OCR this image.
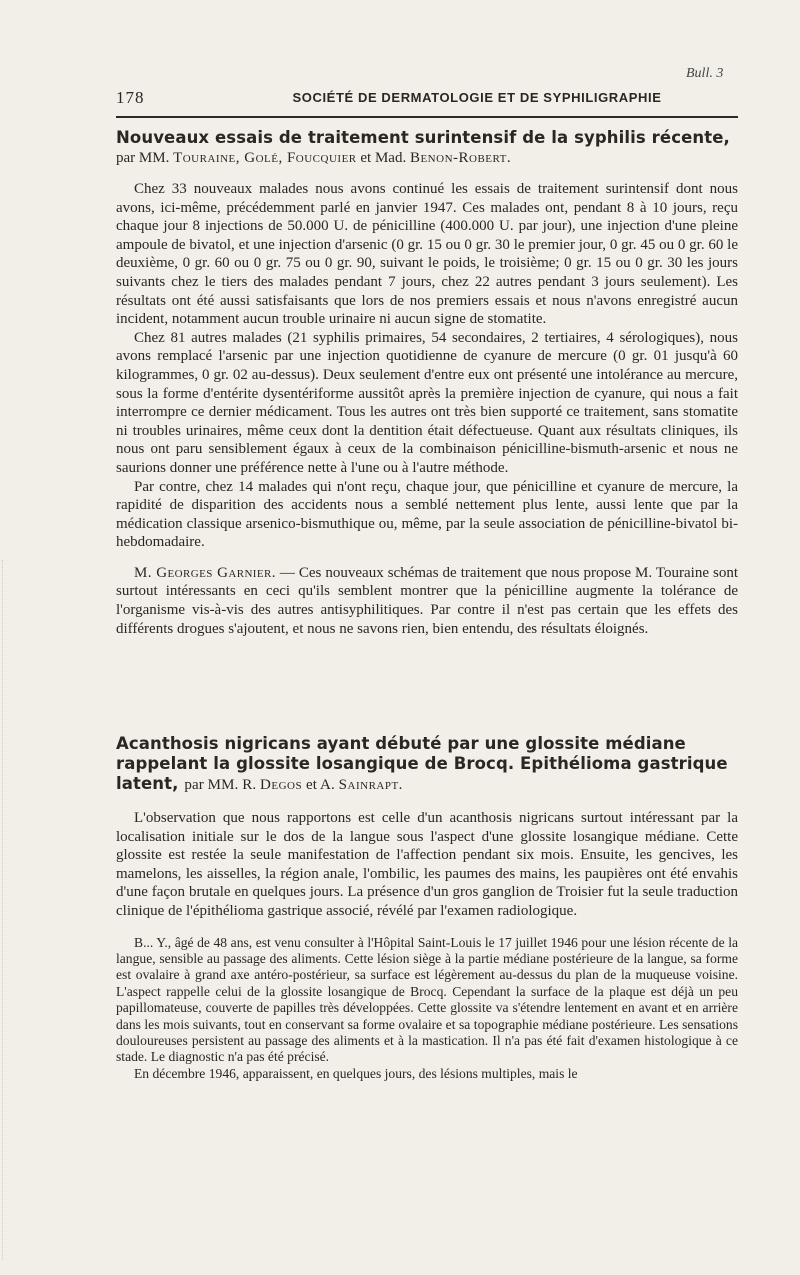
Bull. 3
178	SOCIÉTÉ DE DERMATOLOGIE ET DE SYPHILIGRAPHIE
Nouveaux essais de traitement surintensif de la syphilis récente,

par MM. Touraine, Golé, Foucquier et Mad. Benon-Robert.

Chez 33 nouveaux malades nous avons continué les essais de traitement surintensif dont nous avons, ici-même, précédemment parlé en janvier 1947. Ces malades ont, pendant 8 à 10 jours, reçu chaque jour 8 injections de 50.000 U. de pénicilline (400.000 U. par jour), une injection d'une pleine ampoule de bivatol, et une injection d'arsenic (0 gr. 15 ou 0 gr. 30 le premier jour, 0 gr. 45 ou 0 gr. 60 le deuxième, 0 gr. 60 ou 0 gr. 75 ou 0 gr. 90, suivant le poids, le troisième; 0 gr. 15 ou 0 gr. 30 les jours suivants chez le tiers des malades pendant 7 jours, chez 22 autres pendant 3 jours seulement). Les résultats ont été aussi satisfaisants que lors de nos premiers essais et nous n'avons enregistré aucun incident, notamment aucun trouble urinaire ni aucun signe de stomatite.

Chez 81 autres malades (21 syphilis primaires, 54 secondaires, 2 tertiaires, 4 sérologiques), nous avons remplacé l'arsenic par une injection quotidienne de cyanure de mercure (0 gr. 01 jusqu'à 60 kilogrammes, 0 gr. 02 au-dessus). Deux seulement d'entre eux ont présenté une intolérance au mercure, sous la forme d'entérite dysentériforme aussitôt après la première injection de cyanure, qui nous a fait interrompre ce dernier médicament. Tous les autres ont très bien supporté ce traitement, sans stomatite ni troubles urinaires, même ceux dont la dentition était défectueuse. Quant aux résultats cliniques, ils nous ont paru sensiblement égaux à ceux de la combinaison pénicilline-bismuth-arsenic et nous ne saurions donner une préférence nette à l'une ou à l'autre méthode.

Par contre, chez 14 malades qui n'ont reçu, chaque jour, que pénicilline et cyanure de mercure, la rapidité de disparition des accidents nous a semblé nettement plus lente, aussi lente que par la médication classique arsenico-bismuthique ou, même, par la seule association de pénicilline-bivatol bi-hebdomadaire.

M. Georges Garnier. — Ces nouveaux schémas de traitement que nous propose M. Touraine sont surtout intéressants en ceci qu'ils semblent montrer que la pénicilline augmente la tolérance de l'organisme vis-à-vis des autres antisyphilitiques. Par contre il n'est pas certain que les effets des différents drogues s'ajoutent, et nous ne savons rien, bien entendu, des résultats éloignés.

Acanthosis nigricans ayant débuté par une glossite médiane rappelant la glossite losangique de Brocq. Epithélioma gastrique latent, par MM. R. Degos et A. Sainrapt.

L'observation que nous rapportons est celle d'un acanthosis nigricans surtout intéressant par la localisation initiale sur le dos de la langue sous l'aspect d'une glossite losangique médiane. Cette glossite est restée la seule manifestation de l'affection pendant six mois. Ensuite, les gencives, les mamelons, les aisselles, la région anale, l'ombilic, les paumes des mains, les paupières ont été envahis d'une façon brutale en quelques jours. La présence d'un gros ganglion de Troisier fut la seule traduction clinique de l'épithélioma gastrique associé, révélé par l'examen radiologique.

B... Y., âgé de 48 ans, est venu consulter à l'Hôpital Saint-Louis le 17 juillet 1946 pour une lésion récente de la langue, sensible au passage des aliments. Cette lésion siège à la partie médiane postérieure de la langue, sa forme est ovalaire à grand axe antéro-postérieur, sa surface est légèrement au-dessus du plan de la muqueuse voisine. L'aspect rappelle celui de la glossite losangique de Brocq. Cependant la surface de la plaque est déjà un peu papillomateuse, couverte de papilles très développées. Cette glossite va s'étendre lentement en avant et en arrière dans les mois suivants, tout en conservant sa forme ovalaire et sa topographie médiane postérieure. Les sensations douloureuses persistent au passage des aliments et à la mastication. Il n'a pas été fait d'examen histologique à ce stade. Le diagnostic n'a pas été précisé.

En décembre 1946, apparaissent, en quelques jours, des lésions multiples, mais le
